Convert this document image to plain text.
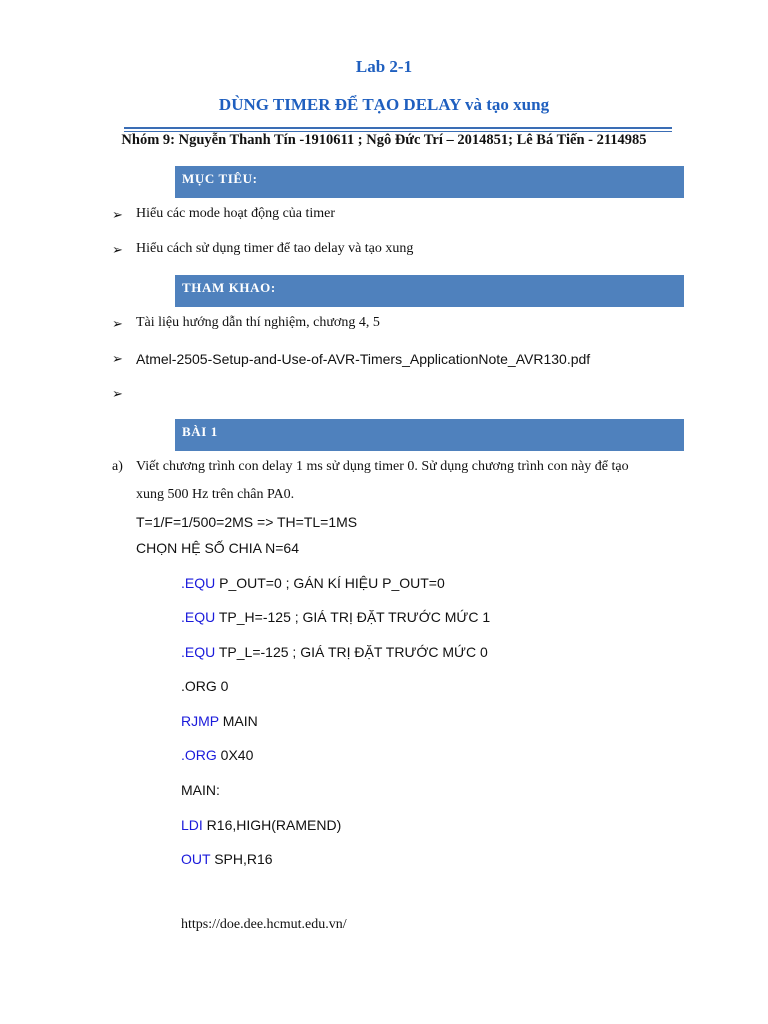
Lab 2-1
DÙNG TIMER ĐỂ TẠO DELAY và tạo xung
Nhóm 9: Nguyễn Thanh Tín -1910611 ; Ngô Đức Trí – 2014851; Lê Bá Tiến - 2114985
MỤC TIÊU:
➢ Hiểu các mode hoạt động của timer
➢ Hiểu cách sử dụng timer để tao delay và tạo xung
THAM KHAO:
➢ Tài liệu hướng dẫn thí nghiệm, chương 4, 5
➢ Atmel-2505-Setup-and-Use-of-AVR-Timers_ApplicationNote_AVR130.pdf
➢
BÀI 1
a) Viết chương trình con delay 1 ms sử dụng timer 0. Sử dụng chương trình con này để tạo
xung 500 Hz trên chân PA0.
T=1/F=1/500=2MS => TH=TL=1MS
CHỌN HỆ SỐ CHIA N=64
.EQU P_OUT=0 ; GÁN KÍ HIỆU P_OUT=0
.EQU TP_H=-125 ; GIÁ TRỊ ĐẶT TRƯỚC MỨC 1
.EQU TP_L=-125 ; GIÁ TRỊ ĐẶT TRƯỚC MỨC 0
.ORG 0
RJMP MAIN
.ORG 0X40
MAIN:
LDI R16,HIGH(RAMEND)
OUT SPH,R16
https://doe.dee.hcmut.edu.vn/
